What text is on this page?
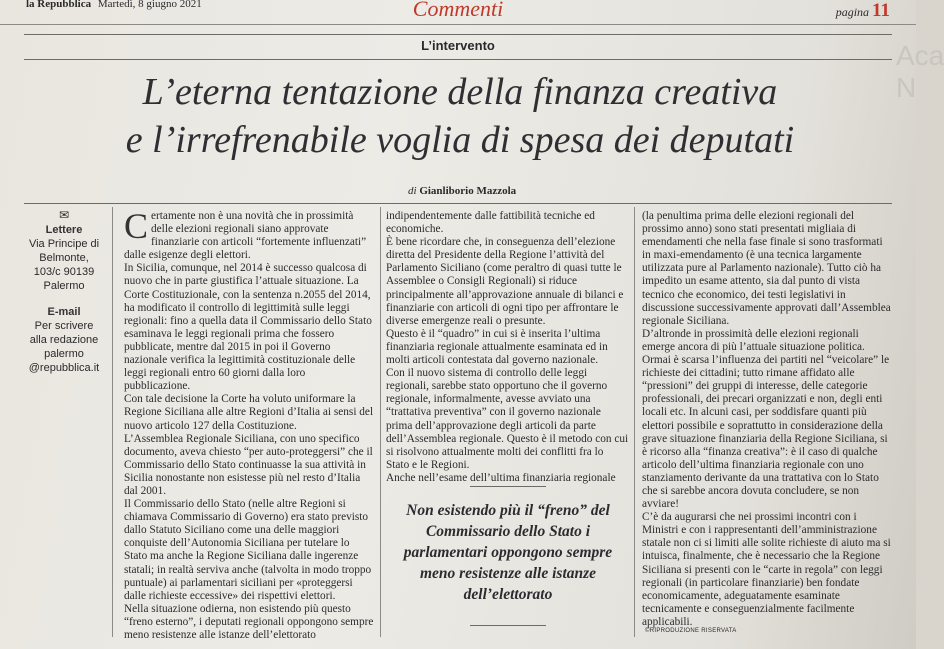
la Repubblica Martedì, 8 giugno 2021	Commenti	pagina 11
L’intervento
L’eterna tentazione della finanza creativa
e l’irrefrenabile voglia di spesa dei deputati
di Gianliborio Mazzola
✉
Lettere
Via Principe di Belmonte, 103/c 90139 Palermo
E-mail
Per scrivere alla redazione palermo @repubblica.it

Certamente non è una novità che in prossimità delle elezioni regionali siano approvate finanziarie con articoli “fortemente influenzati” dalle esigenze degli elettori.

In Sicilia, comunque, nel 2014 è successo qualcosa di nuovo che in parte giustifica l’attuale situazione. La Corte Costituzionale, con la sentenza n.2055 del 2014, ha modificato il controllo di legittimità sulle leggi regionali: fino a quella data il Commissario dello Stato esaminava le leggi regionali prima che fossero pubblicate, mentre dal 2015 in poi il Governo nazionale verifica la legittimità costituzionale delle leggi regionali entro 60 giorni dalla loro pubblicazione.

Con tale decisione la Corte ha voluto uniformare la Regione Siciliana alle altre Regioni d’Italia ai sensi del nuovo articolo 127 della Costituzione.

L’Assemblea Regionale Siciliana, con uno specifico documento, aveva chiesto “per auto-proteggersi” che il Commissario dello Stato continuasse la sua attività in Sicilia nonostante non esistesse più nel resto d’Italia dal 2001.

Il Commissario dello Stato (nelle altre Regioni si chiamava Commissario di Governo) era stato previsto dallo Statuto Siciliano come una delle maggiori conquiste dell’Autonomia Siciliana per tutelare lo Stato ma anche la Regione Siciliana dalle ingerenze statali; in realtà serviva anche (talvolta in modo troppo puntuale) ai parlamentari siciliani per «proteggersi dalle richieste eccessive» dei rispettivi elettori.

Nella situazione odierna, non esistendo più questo “freno esterno”, i deputati regionali oppongono sempre meno resistenze alle istanze dell’elettorato

indipendentemente dalle fattibilità tecniche ed economiche.

È bene ricordare che, in conseguenza dell’elezione diretta del Presidente della Regione l’attività del Parlamento Siciliano (come peraltro di quasi tutte le Assemblee o Consigli Regionali) si riduce principalmente all’approvazione annuale di bilanci e finanziarie con articoli di ogni tipo per affrontare le diverse emergenze reali o presunte.

Questo è il “quadro” in cui si è inserita l’ultima finanziaria regionale attualmente esaminata ed in molti articoli contestata dal governo nazionale.

Con il nuovo sistema di controllo delle leggi regionali, sarebbe stato opportuno che il governo regionale, informalmente, avesse avviato una “trattativa preventiva” con il governo nazionale prima dell’approvazione degli articoli da parte dell’Assemblea regionale. Questo è il metodo con cui si risolvono attualmente molti dei conflitti fra lo Stato e le Regioni.

Anche nell’esame dell’ultima finanziaria regionale

Non esistendo più il “freno” del Commissario dello Stato i parlamentari oppongono sempre meno resistenze alle istanze dell’elettorato

(la penultima prima delle elezioni regionali del prossimo anno) sono stati presentati migliaia di emendamenti che nella fase finale si sono trasformati in maxi-emendamento (è una tecnica largamente utilizzata pure al Parlamento nazionale). Tutto ciò ha impedito un esame attento, sia dal punto di vista tecnico che economico, dei testi legislativi in discussione successivamente approvati dall’Assemblea regionale Siciliana.

D’altronde in prossimità delle elezioni regionali emerge ancora di più l’attuale situazione politica.

Ormai è scarsa l’influenza dei partiti nel “veicolare” le richieste dei cittadini; tutto rimane affidato alle “pressioni” dei gruppi di interesse, delle categorie professionali, dei precari organizzati e non, degli enti locali etc. In alcuni casi, per soddisfare quanti più elettori possibile e soprattutto in considerazione della grave situazione finanziaria della Regione Siciliana, si è ricorso alla “finanza creativa”: è il caso di qualche articolo dell’ultima finanziaria regionale con uno stanziamento derivante da una trattativa con lo Stato che si sarebbe ancora dovuta concludere, se non avviare!

C’è da augurarsi che nei prossimi incontri con i Ministri e con i rappresentanti dell’amministrazione statale non ci si limiti alle solite richieste di aiuto ma si intuisca, finalmente, che è necessario che la Regione Siciliana si presenti con le “carte in regola” con leggi regionali (in particolare finanziarie) ben fondate economicamente, adeguatamente esaminate tecnicamente e conseguenzialmente facilmente applicabili.

©RIPRODUZIONE RISERVATA
Aca N
